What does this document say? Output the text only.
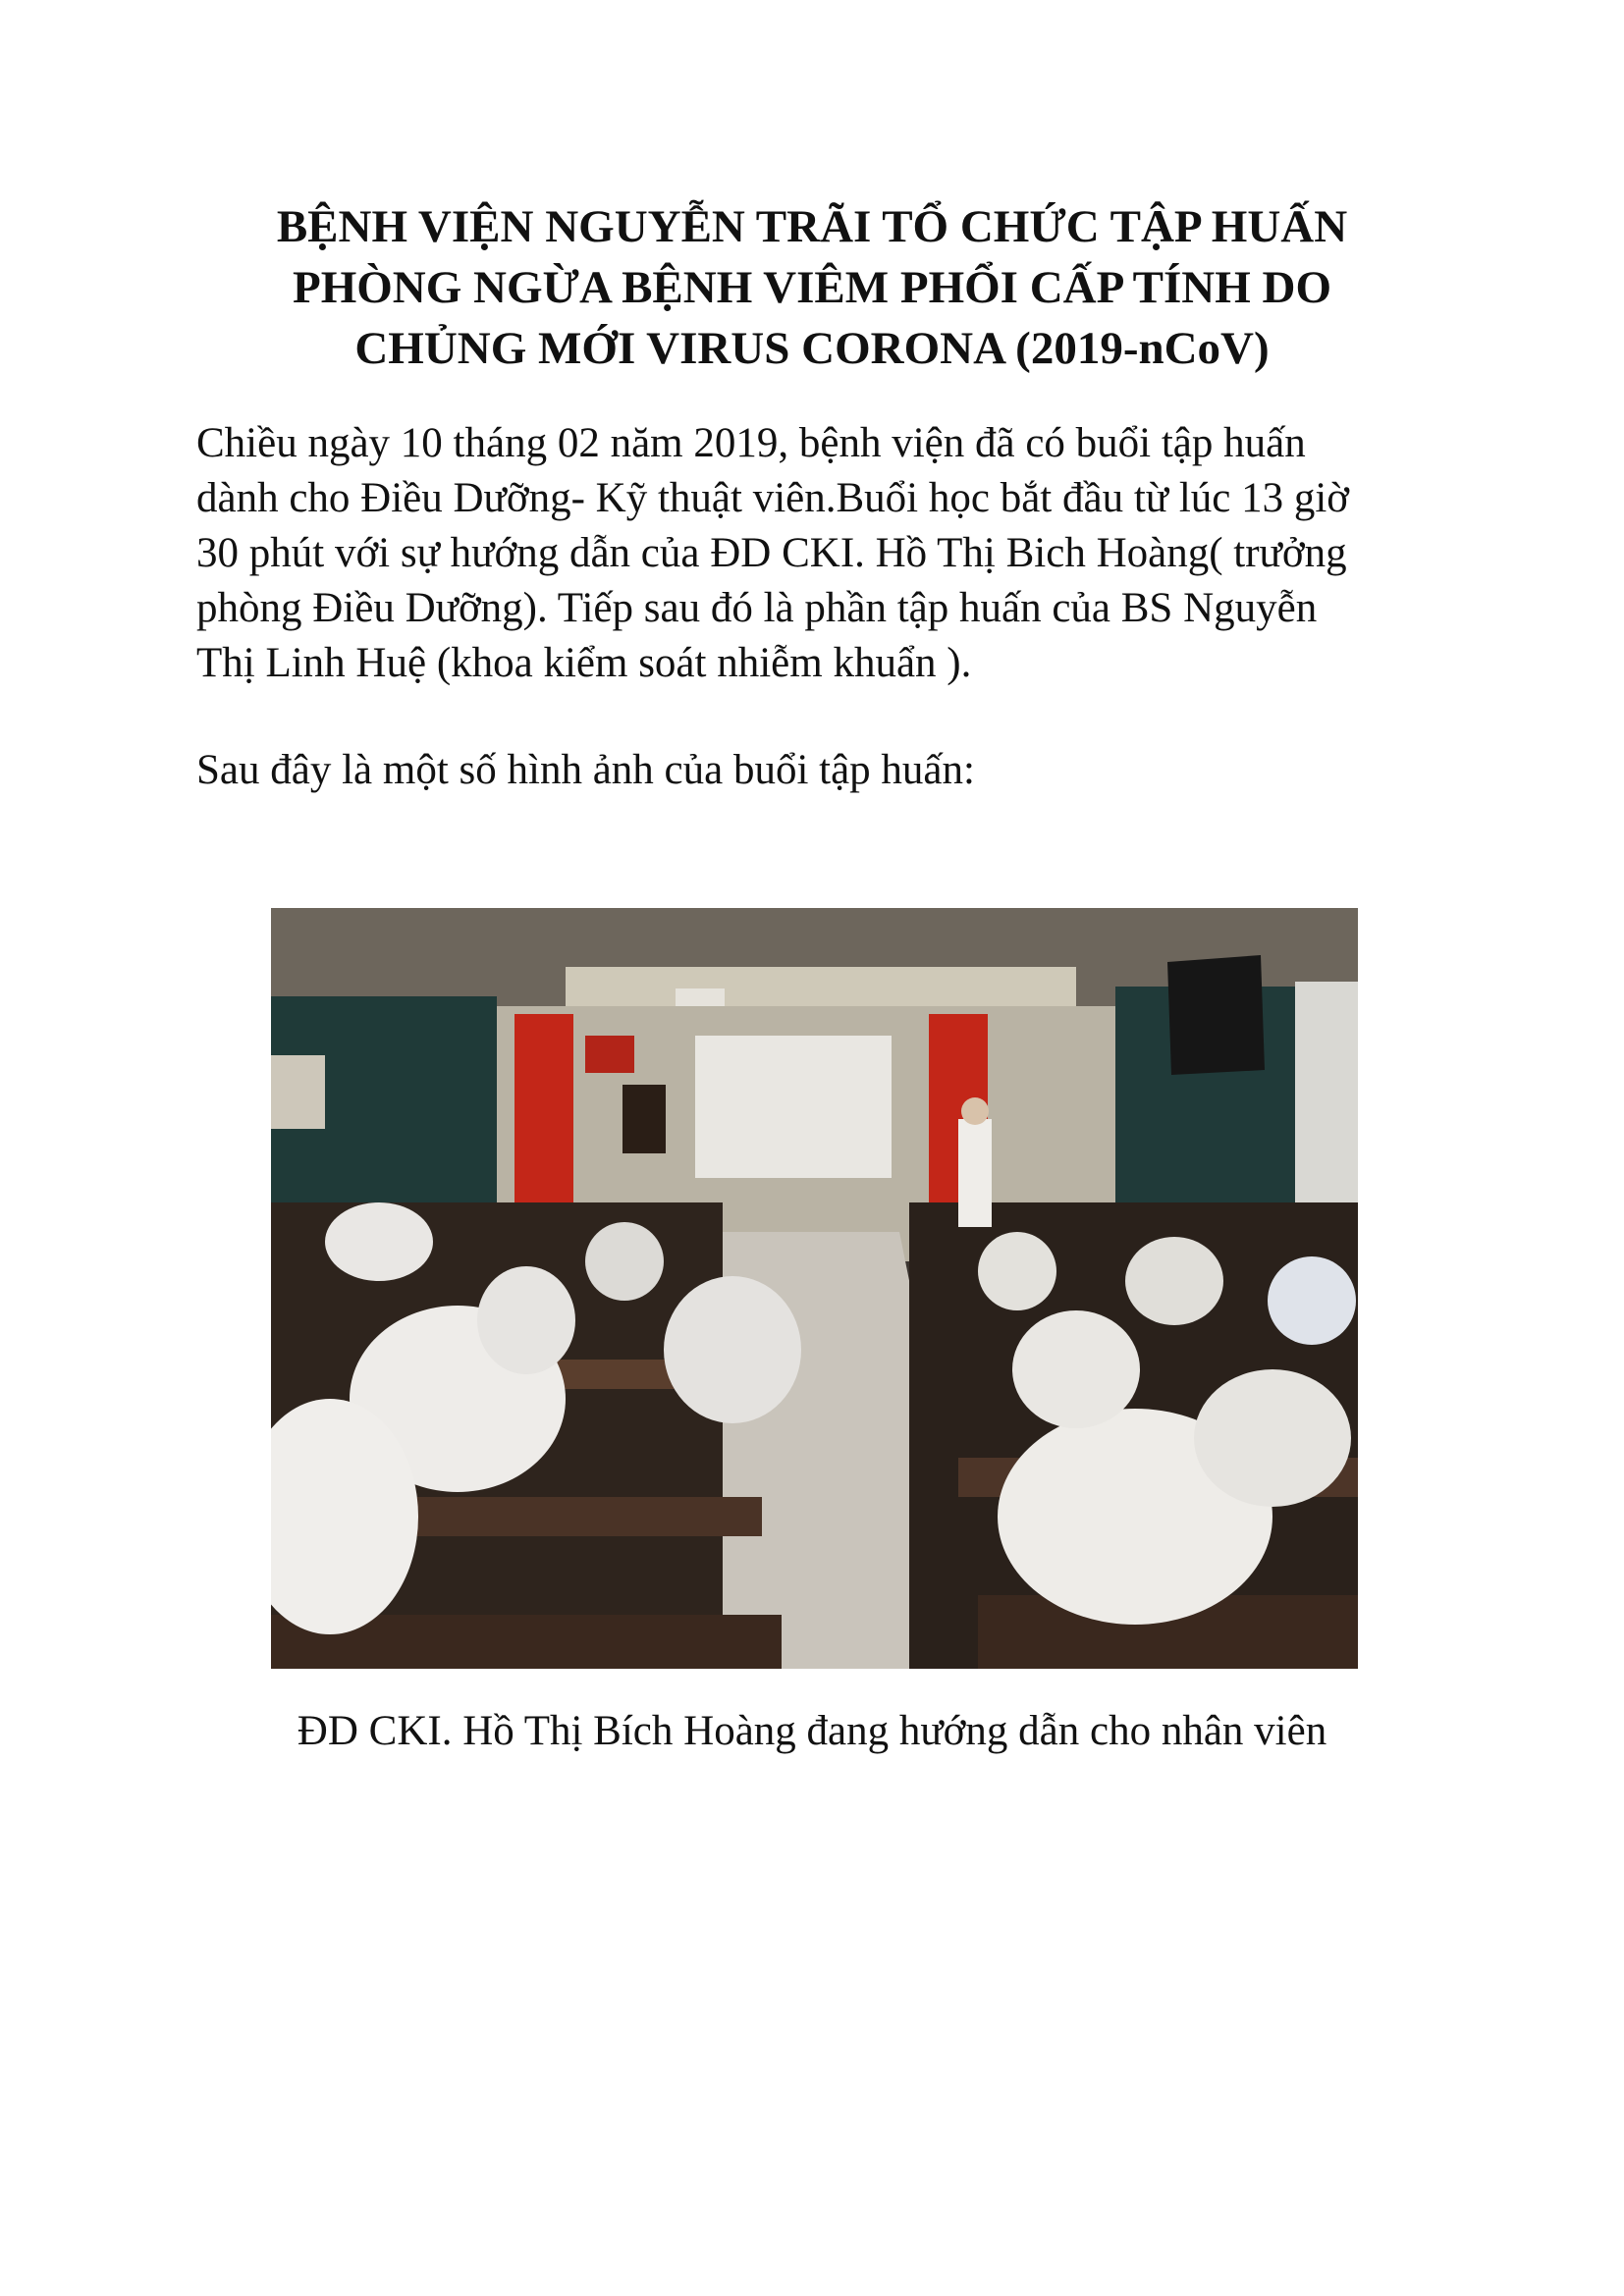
BỆNH VIỆN NGUYỄN TRÃI TỔ CHỨC TẬP HUẤN
PHÒNG NGỪA BỆNH VIÊM PHỔI CẤP TÍNH DO
CHỦNG MỚI VIRUS CORONA (2019-nCoV)

Chiều ngày 10 tháng 02 năm 2019, bệnh viện đã có buổi tập huấn
dành cho Điều Dưỡng- Kỹ thuật viên.Buổi học bắt đầu từ lúc 13 giờ
30 phút với sự hướng dẫn của ĐD CKI. Hồ Thị Bich Hoàng( trưởng
phòng Điều Dưỡng). Tiếp sau đó là phần tập huấn của BS Nguyễn
Thị Linh Huệ (khoa kiểm soát nhiễm khuẩn ).

Sau đây là một số hình ảnh của buổi tập huấn:

ĐD CKI. Hồ Thị Bích Hoàng đang hướng dẫn cho nhân viên
